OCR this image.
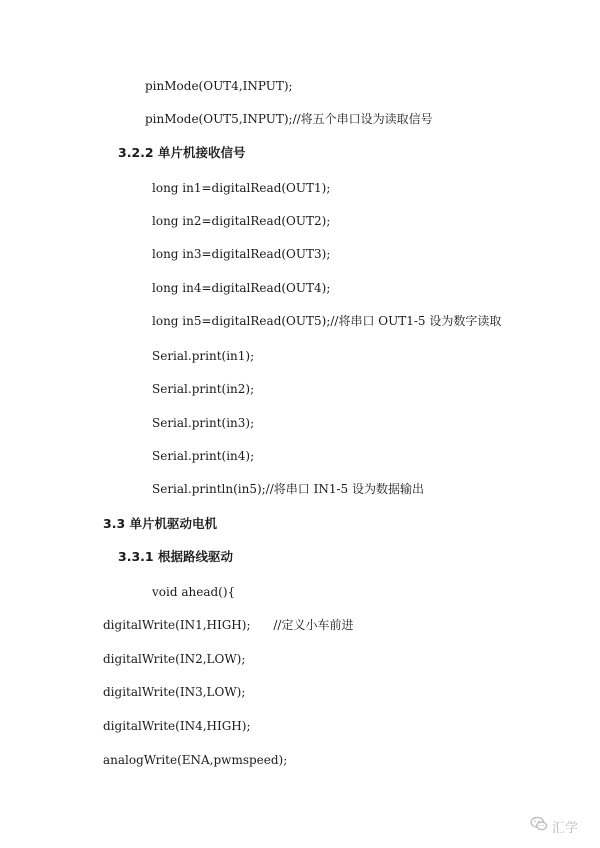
pinMode(OUT4,INPUT);
pinMode(OUT5,INPUT);//将五个串口设为读取信号
3.2.2 单片机接收信号
long in1=digitalRead(OUT1);
long in2=digitalRead(OUT2);
long in3=digitalRead(OUT3);
long in4=digitalRead(OUT4);
long in5=digitalRead(OUT5);//将串口 OUT1-5 设为数字读取
Serial.print(in1);
Serial.print(in2);
Serial.print(in3);
Serial.print(in4);
Serial.println(in5);//将串口 IN1-5 设为数据输出
3.3 单片机驱动电机
3.3.1 根据路线驱动
void ahead(){
digitalWrite(IN1,HIGH);      //定义小车前进
digitalWrite(IN2,LOW);
digitalWrite(IN3,LOW);
digitalWrite(IN4,HIGH);
analogWrite(ENA,pwmspeed);
汇学
